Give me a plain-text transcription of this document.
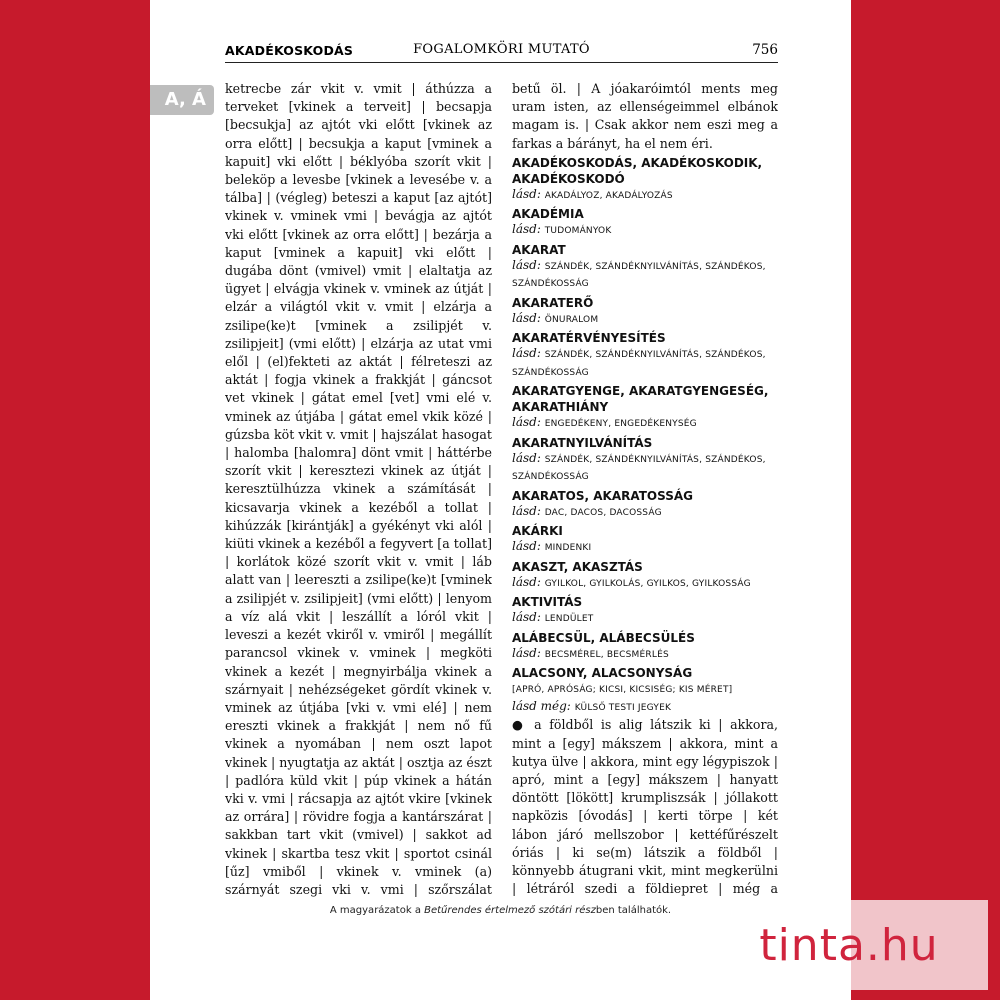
A, Á
AKADÉKOSKODÁS	FOGALOMKÖRI MUTATÓ	756

ketrecbe zár vkit v. vmit | áthúzza a terveket [vkinek a terveit] | becsapja [becsukja] az ajtót vki előtt [vkinek az orra előtt] | becsukja a kaput [vminek a kapuit] vki előtt | béklyóba szorít vkit | beleköp a levesbe [vkinek a levesébe v. a tálba] | (végleg) beteszi a kaput [az ajtót] vkinek v. vminek vmi | bevágja az ajtót vki előtt [vkinek az orra előtt] | bezárja a kaput [vminek a kapuit] vki előtt | dugába dönt (vmivel) vmit | elaltatja az ügyet | elvágja vkinek v. vminek az útját | elzár a világtól vkit v. vmit | elzárja a zsilipe(ke)t [vminek a zsilipjét v. zsilipjeit] (vmi előtt) | elzárja az utat vmi elől | (el)fekteti az aktát | félreteszi az aktát | fogja vkinek a frakkját | gáncsot vet vkinek | gátat emel [vet] vmi elé v. vminek az útjába | gátat emel vkik közé | gúzsba köt vkit v. vmit | hajszálat hasogat | halomba [halomra] dönt vmit | háttérbe szorít vkit | keresztezi vkinek az útját | keresztülhúzza vkinek a számítását | kicsavarja vkinek a kezéből a tollat | kihúzzák [kirántják] a gyékényt vki alól | kiüti vkinek a kezéből a fegyvert [a tollat] | korlátok közé szorít vkit v. vmit | láb alatt van | leereszti a zsilipe(ke)t [vminek a zsilipjét v. zsilipjeit] (vmi előtt) | lenyom a víz alá vkit | leszállít a lóról vkit | leveszi a kezét vkiről v. vmiről | megállít parancsol vkinek v. vminek | megköti vkinek a kezét | megnyirbálja vkinek a szárnyait | nehézségeket gördít vkinek v. vminek az útjába [vki v. vmi elé] | nem ereszti vkinek a frakkját | nem nő fű vkinek a nyomában | nem oszt lapot vkinek | nyugtatja az aktát | osztja az észt | padlóra küld vkit | púp vkinek a hátán vki v. vmi | rácsapja az ajtót vkire [vkinek az orrára] | rövidre fogja a kantárszárat | sakkban tart vkit (vmivel) | sakkot ad vkinek | skartba tesz vkit | sportot csinál [űz] vmiből | vkinek v. vminek (a) szárnyát szegi vki v. vmi | szőrszálat

betű öl. | A jóakaróimtól ments meg uram isten, az ellenségeimmel elbánok magam is. | Csak akkor nem eszi meg a farkas a bárányt, ha el nem éri.

AKADÉKOSKODÁS, AKADÉKOSKODIK, AKADÉKOSKODÓ

lásd: AKADÁLYOZ, AKADÁLYOZÁS

AKADÉMIA

lásd: TUDOMÁNYOK

AKARAT

lásd: SZÁNDÉK, SZÁNDÉKNYILVÁNÍTÁS, SZÁNDÉKOS, SZÁNDÉKOSSÁG

AKARATERŐ

lásd: ÖNURALOM

AKARATÉRVÉNYESÍTÉS

lásd: SZÁNDÉK, SZÁNDÉKNYILVÁNÍTÁS, SZÁNDÉKOS, SZÁNDÉKOSSÁG

AKARATGYENGE, AKARATGYENGESÉG, AKARATHIÁNY

lásd: ENGEDÉKENY, ENGEDÉKENYSÉG

AKARATNYILVÁNÍTÁS

lásd: SZÁNDÉK, SZÁNDÉKNYILVÁNÍTÁS, SZÁNDÉKOS, SZÁNDÉKOSSÁG

AKARATOS, AKARATOSSÁG

lásd: DAC, DACOS, DACOSSÁG

AKÁRKI

lásd: MINDENKI

AKASZT, AKASZTÁS

lásd: GYILKOL, GYILKOLÁS, GYILKOS, GYILKOSSÁG

AKTIVITÁS

lásd: LENDÜLET

ALÁBECSÜL, ALÁBECSÜLÉS

lásd: BECSMÉREL, BECSMÉRLÉS

ALACSONY, ALACSONYSÁG

[APRÓ, APRÓSÁG; KICSI, KICSISÉG; KIS MÉRET]

lásd még: KÜLSŐ TESTI JEGYEK

● a földből is alig látszik ki | akkora, mint a [egy] mákszem | akkora, mint a kutya ülve | akkora, mint egy légypiszok | apró, mint a [egy] mákszem | hanyatt döntött [lökött] krumpliszsák | jóllakott napközis [óvodás] | kerti törpe | két lábon járó mellszobor | kettéfűrészelt óriás | ki se(m) látszik a földből | könnyebb átugrani vkit, mint megkerülni | létráról szedi a földiepret | még a

A magyarázatok a Betűrendes értelmező szótári részben találhatók.
tinta.hu
